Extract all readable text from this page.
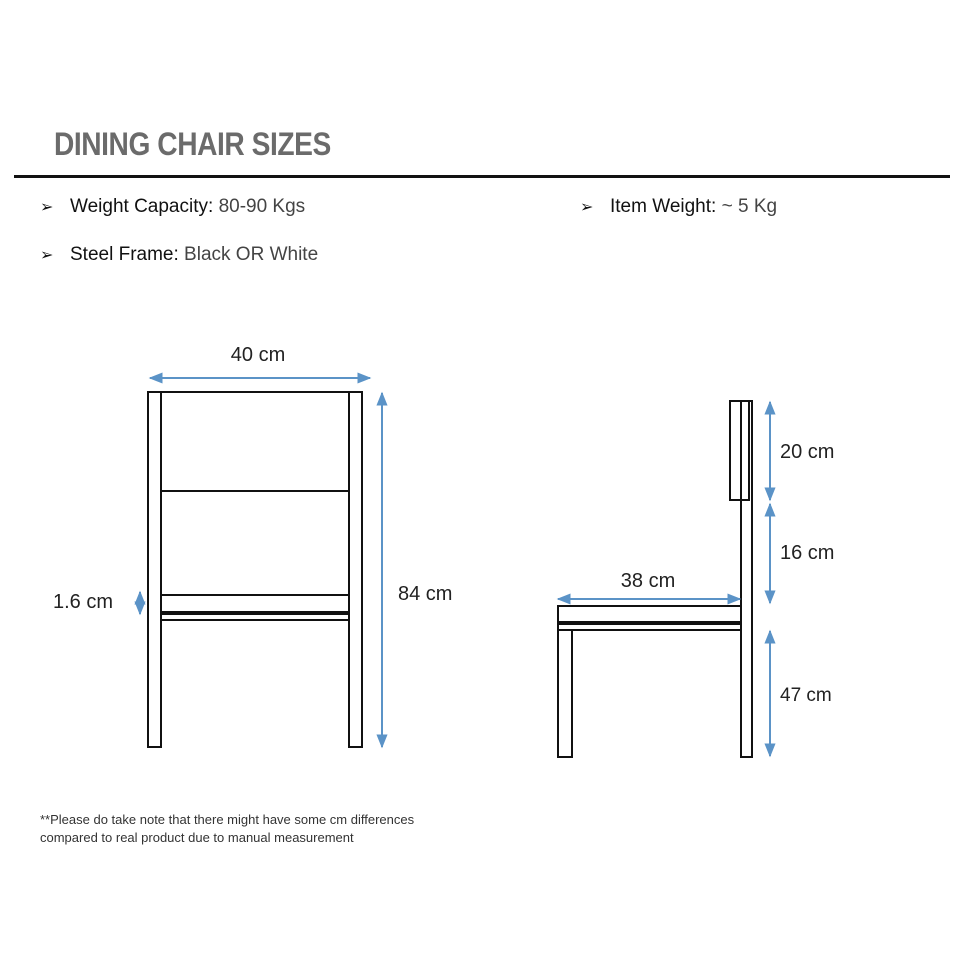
DINING CHAIR SIZES
➢ Weight Capacity: 80-90 Kgs	➢ Item Weight: ~ 5 Kg
➢ Steel Frame: Black OR White
40 cm
84 cm
1.6 cm
38 cm
20 cm
16 cm
47 cm
**Please do take note that there might have some cm differences
compared to real product due to manual measurement
